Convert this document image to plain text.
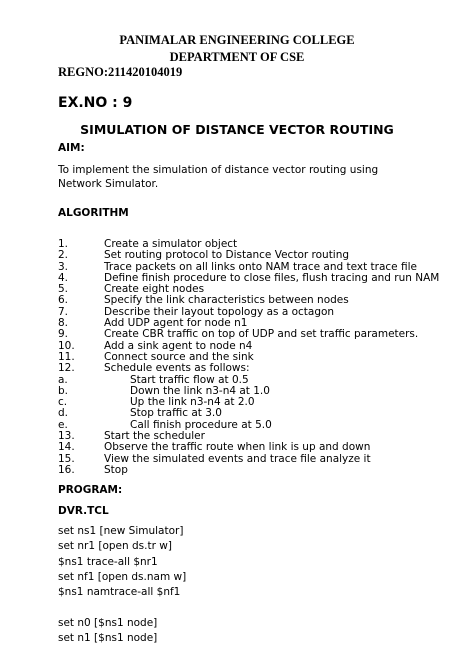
PANIMALAR ENGINEERING COLLEGE
DEPARTMENT OF CSE
REGNO:211420104019
EX.NO : 9
SIMULATION OF DISTANCE VECTOR ROUTING
AIM:
To implement the simulation of distance vector routing using Network Simulator.
ALGORITHM
1.	Create a simulator object
2.	Set routing protocol to Distance Vector routing
3.	Trace packets on all links onto NAM trace and text trace file
4.	Define finish procedure to close files, flush tracing and run NAM
5.	Create eight nodes
6.	Specify the link characteristics between nodes
7.	Describe their layout topology as a octagon
8.	Add UDP agent for node n1
9.	Create CBR traffic on top of UDP and set traffic parameters.
10.	Add a sink agent to node n4
11.	Connect source and the sink
12.	Schedule events as follows:
a.	Start traffic flow at 0.5
b.	Down the link n3-n4 at 1.0
c.	Up the link n3-n4 at 2.0
d.	Stop traffic at 3.0
e.	Call finish procedure at 5.0
13.	Start the scheduler
14.	Observe the traffic route when link is up and down
15.	View the simulated events and trace file analyze it
16.	Stop
PROGRAM:
DVR.TCL
set ns1 [new Simulator]
set nr1 [open ds.tr w]
$ns1 trace-all $nr1
set nf1 [open ds.nam w]
$ns1 namtrace-all $nf1
set n0 [$ns1 node]
set n1 [$ns1 node]
